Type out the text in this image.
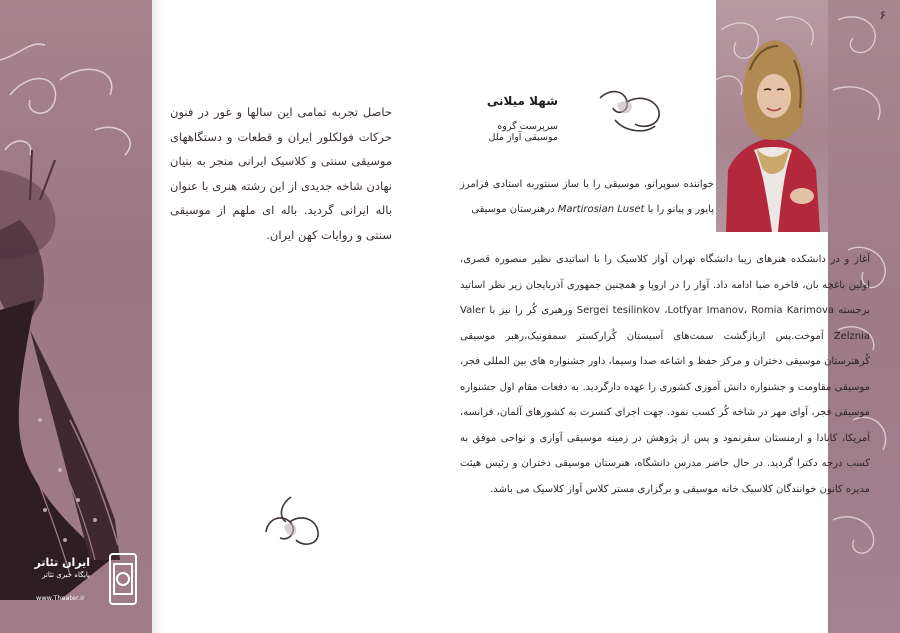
۶
حاصل تجربه تمامی این سالها و غور در فنون حرکات فولکلور ایران و قطعات و دستگاههای موسیقی سنتی و کلاسیک ایرانی منجر به بنیان نهادن شاخه جدیدی از این رشته هنری با عنوان باله ایرانی گردید. باله ای ملهم از موسیقی سنتی و روایات کهن ایران.
شهلا میلانی
سرپرست گروه موسیقی آواز ملل
خواننده سوپرانو، موسیقی را با ساز سنتوربه استادی فرامرز پایور و پیانو را با Martirosian Luset درهنرستان موسیقی
آغاز و در دانشکده هنرهای زیبا دانشگاه تهران آواز کلاسیک را با اساتیدی نظیر منصوره قصری، اولین باغچه بان، فاخره صبا ادامه داد. آواز را در اروپا و همچنین جمهوری آذربایجان زیر نظر اساتید برجسته Sergei tesilinkov ،Lotfyar Imanov، Romia Karimova ورهبری کُر را نیز با Valer Zelznia آموخت.پس ازبازگشت سمت‌های آسیستان کُرارکستر سمفونیک،رهبر موسیقی کُرهنرستان موسیقی دختران و مرکز حفظ و اشاعه صدا وسیما، داور جشنواره های بین المللی فجر، موسیقی مقاومت و جشنواره دانش آموزی کشوری را عهده دارگردید. به دفعات مقام اول جشنواره موسیقی فجر، آوای مهر در شاخه کُر کسب نمود. جهت اجرای کنسرت به کشورهای آلمان، فرانسه، آمریکا، کانادا و ارمنستان سفرنمود و پس از پژوهش در زمینه موسیقی آوازی و نواحی موفق به کسب درجه دکترا گردید. در حال حاضر مدرس دانشگاه، هنرستان موسیقی دختران و رئیس هیئت مدیره کانون خوانندگان کلاسیک خانه موسیقی و برگزاری مستر کلاس آواز کلاسیک می باشد.
ایران تئاتر
پایگاه خبری تئاتر
www.Theater.ir
